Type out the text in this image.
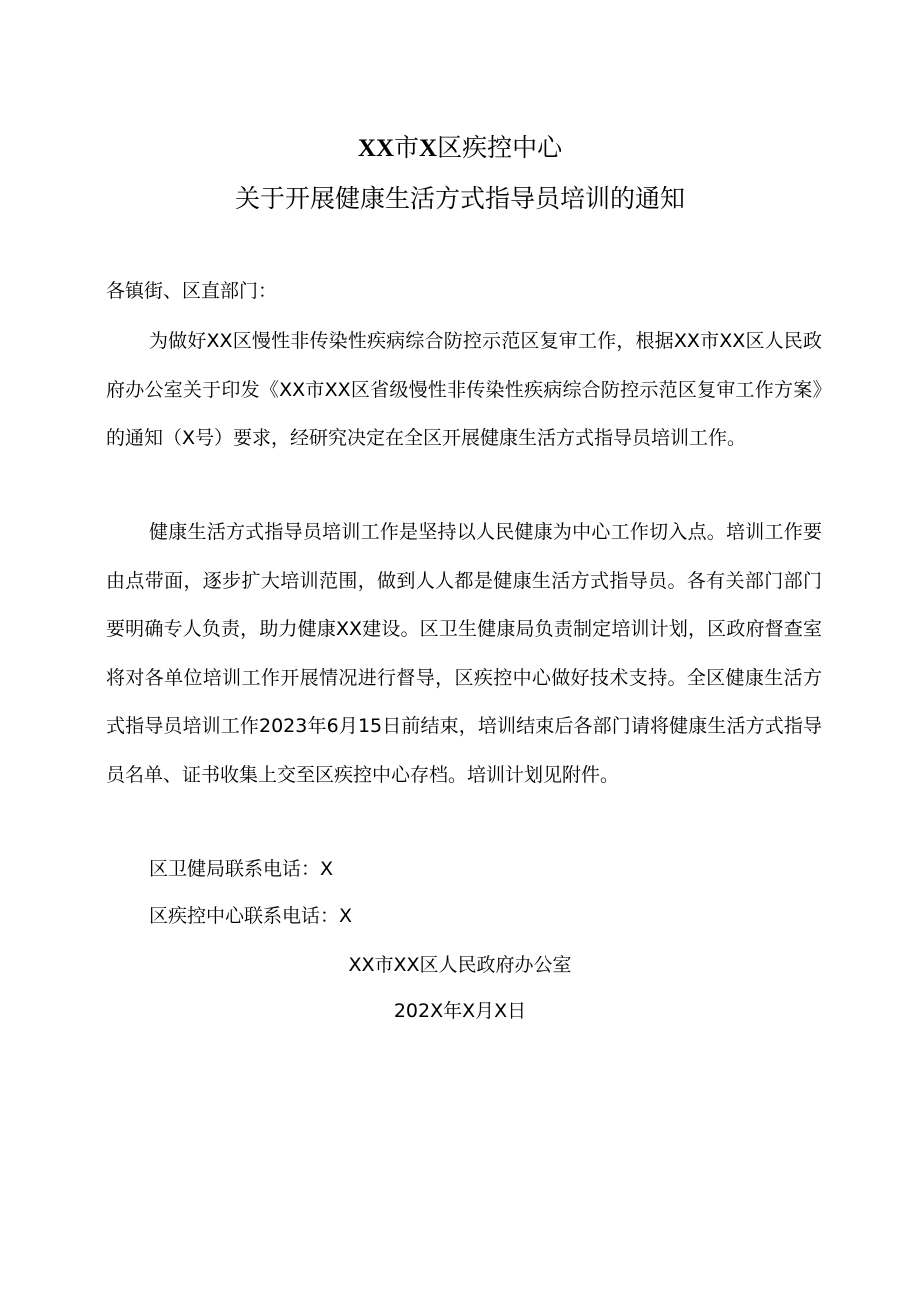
XX市X区疾控中心
关于开展健康生活方式指导员培训的通知
各镇街、区直部门：

为做好XX区慢性非传染性疾病综合防控示范区复审工作，根据XX市XX区人民政府办公室关于印发《XX市XX区省级慢性非传染性疾病综合防控示范区复审工作方案》的通知（X号）要求，经研究决定在全区开展健康生活方式指导员培训工作。

健康生活方式指导员培训工作是坚持以人民健康为中心工作切入点。培训工作要由点带面，逐步扩大培训范围，做到人人都是健康生活方式指导员。各有关部门部门要明确专人负责，助力健康XX建设。区卫生健康局负责制定培训计划，区政府督查室将对各单位培训工作开展情况进行督导，区疾控中心做好技术支持。全区健康生活方式指导员培训工作2023年6月15日前结束，培训结束后各部门请将健康生活方式指导员名单、证书收集上交至区疾控中心存档。培训计划见附件。

区卫健局联系电话：X
区疾控中心联系电话：X
XX市XX区人民政府办公室
202X年X月X日
